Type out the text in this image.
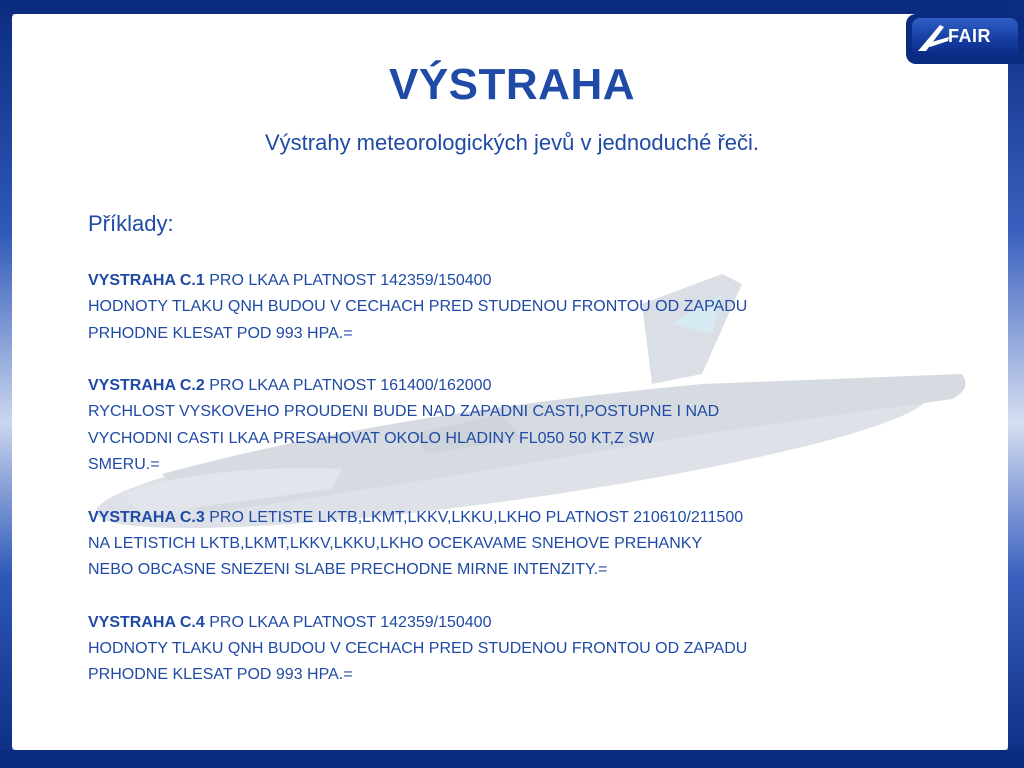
FAIR
VÝSTRAHA
Výstrahy meteorologických jevů v jednoduché řeči.
Příklady:
VYSTRAHA C.1 PRO LKAA PLATNOST 142359/150400
HODNOTY TLAKU QNH BUDOU V CECHACH PRED STUDENOU FRONTOU OD ZAPADU
PRHODNE KLESAT POD 993 HPA.=
VYSTRAHA C.2 PRO LKAA PLATNOST 161400/162000
RYCHLOST VYSKOVEHO PROUDENI BUDE NAD ZAPADNI CASTI,POSTUPNE I NAD
VYCHODNI CASTI LKAA PRESAHOVAT OKOLO HLADINY FL050 50 KT,Z SW
SMERU.=
VYSTRAHA C.3 PRO LETISTE LKTB,LKMT,LKKV,LKKU,LKHO PLATNOST 210610/211500
NA LETISTICH LKTB,LKMT,LKKV,LKKU,LKHO OCEKAVAME SNEHOVE PREHANKY
NEBO OBCASNE SNEZENI SLABE PRECHODNE MIRNE INTENZITY.=
VYSTRAHA C.4 PRO LKAA PLATNOST 142359/150400
HODNOTY TLAKU QNH BUDOU V CECHACH PRED STUDENOU FRONTOU OD ZAPADU
PRHODNE KLESAT POD 993 HPA.=
